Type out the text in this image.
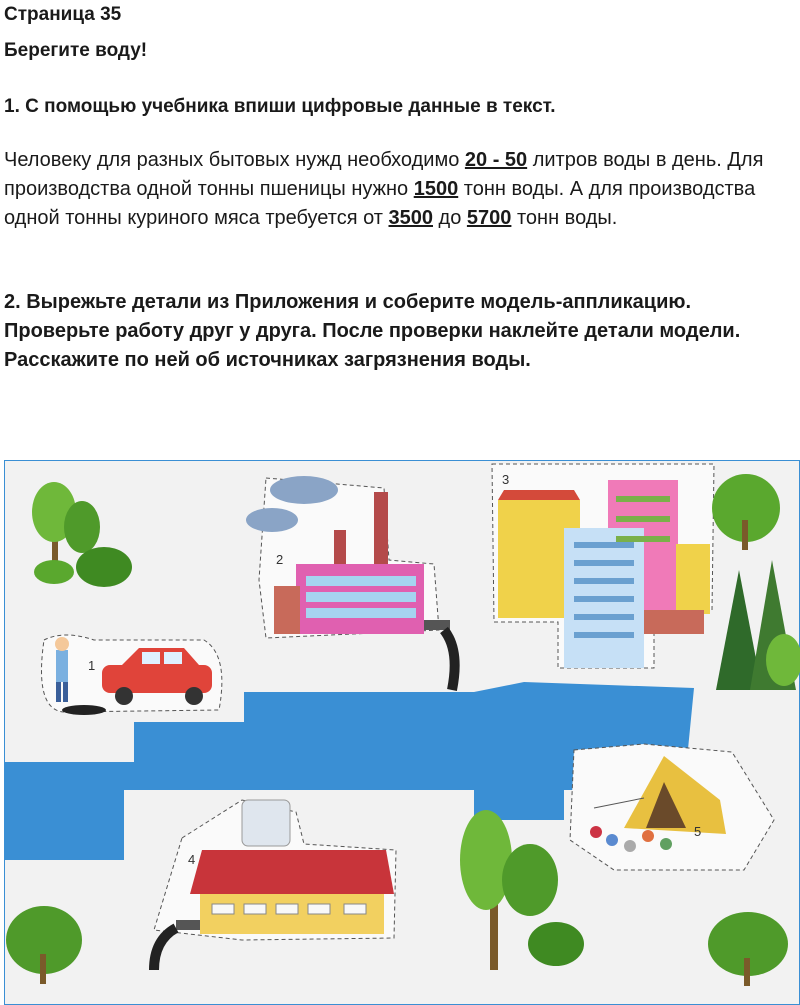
Страница 35
Берегите воду!
1. С помощью учебника впиши цифровые данные в текст.
Человеку для разных бытовых нужд необходимо 20 - 50 литров воды в день. Для производства одной тонны пшеницы нужно 1500 тонн воды. А для производства одной тонны куриного мяса требуется от 3500 до 5700 тонн воды.
2. Вырежьте детали из Приложения и соберите модель-аппликацию. Проверьте работу друг у друга. После проверки наклейте детали модели. Расскажите по ней об источниках загрязнения воды.
1
2
3
4
5
